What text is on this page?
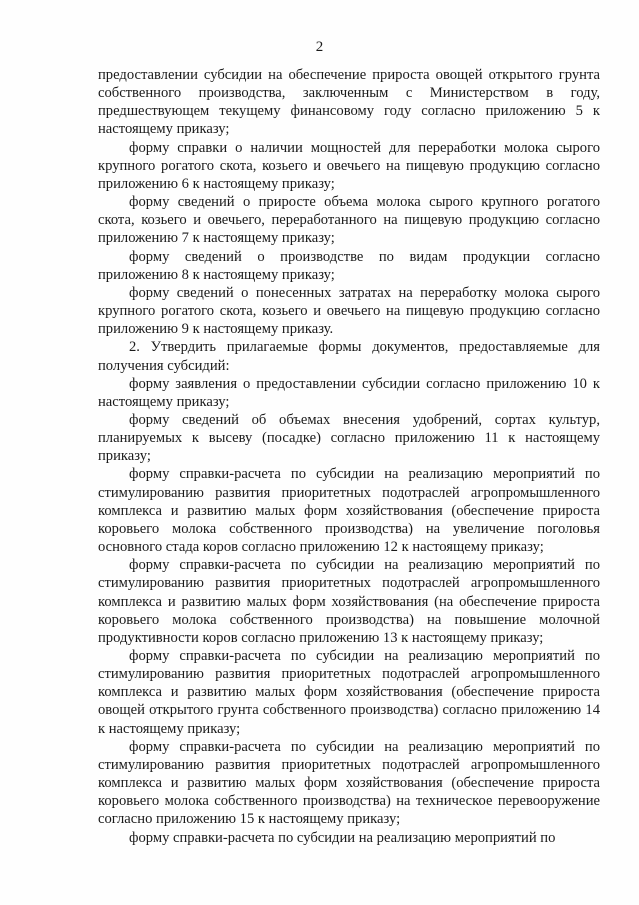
2

предоставлении субсидии на обеспечение прироста овощей открытого грунта собственного производства, заключенным с Министерством в году, предшествующем текущему финансовому году согласно приложению 5 к настоящему приказу;

форму справки о наличии мощностей для переработки молока сырого крупного рогатого скота, козьего и овечьего на пищевую продукцию согласно приложению 6 к настоящему приказу;

форму сведений о приросте объема молока сырого крупного рогатого скота, козьего и овечьего, переработанного на пищевую продукцию согласно приложению 7 к настоящему приказу;

форму сведений о производстве по видам продукции согласно приложению 8 к настоящему приказу;

форму сведений о понесенных затратах на переработку молока сырого крупного рогатого скота, козьего и овечьего на пищевую продукцию согласно приложению 9 к настоящему приказу.

2. Утвердить прилагаемые формы документов, предоставляемые для получения субсидий:

форму заявления о предоставлении субсидии согласно приложению 10 к настоящему приказу;

форму сведений об объемах внесения удобрений, сортах культур, планируемых к высеву (посадке) согласно приложению 11 к настоящему приказу;

форму справки-расчета по субсидии на реализацию мероприятий по стимулированию развития приоритетных подотраслей агропромышленного комплекса и развитию малых форм хозяйствования (обеспечение прироста коровьего молока собственного производства) на увеличение поголовья основного стада коров согласно приложению 12 к настоящему приказу;

форму справки-расчета по субсидии на реализацию мероприятий по стимулированию развития приоритетных подотраслей агропромышленного комплекса и развитию малых форм хозяйствования (на обеспечение прироста коровьего молока собственного производства) на повышение молочной продуктивности коров согласно приложению 13 к настоящему приказу;

форму справки-расчета по субсидии на реализацию мероприятий по стимулированию развития приоритетных подотраслей агропромышленного комплекса и развитию малых форм хозяйствования (обеспечение прироста овощей открытого грунта собственного производства) согласно приложению 14 к настоящему приказу;

форму справки-расчета по субсидии на реализацию мероприятий по стимулированию развития приоритетных подотраслей агропромышленного комплекса и развитию малых форм хозяйствования (обеспечение прироста коровьего молока собственного производства) на техническое перевооружение согласно приложению 15 к настоящему приказу;

форму справки-расчета по субсидии на реализацию мероприятий по
